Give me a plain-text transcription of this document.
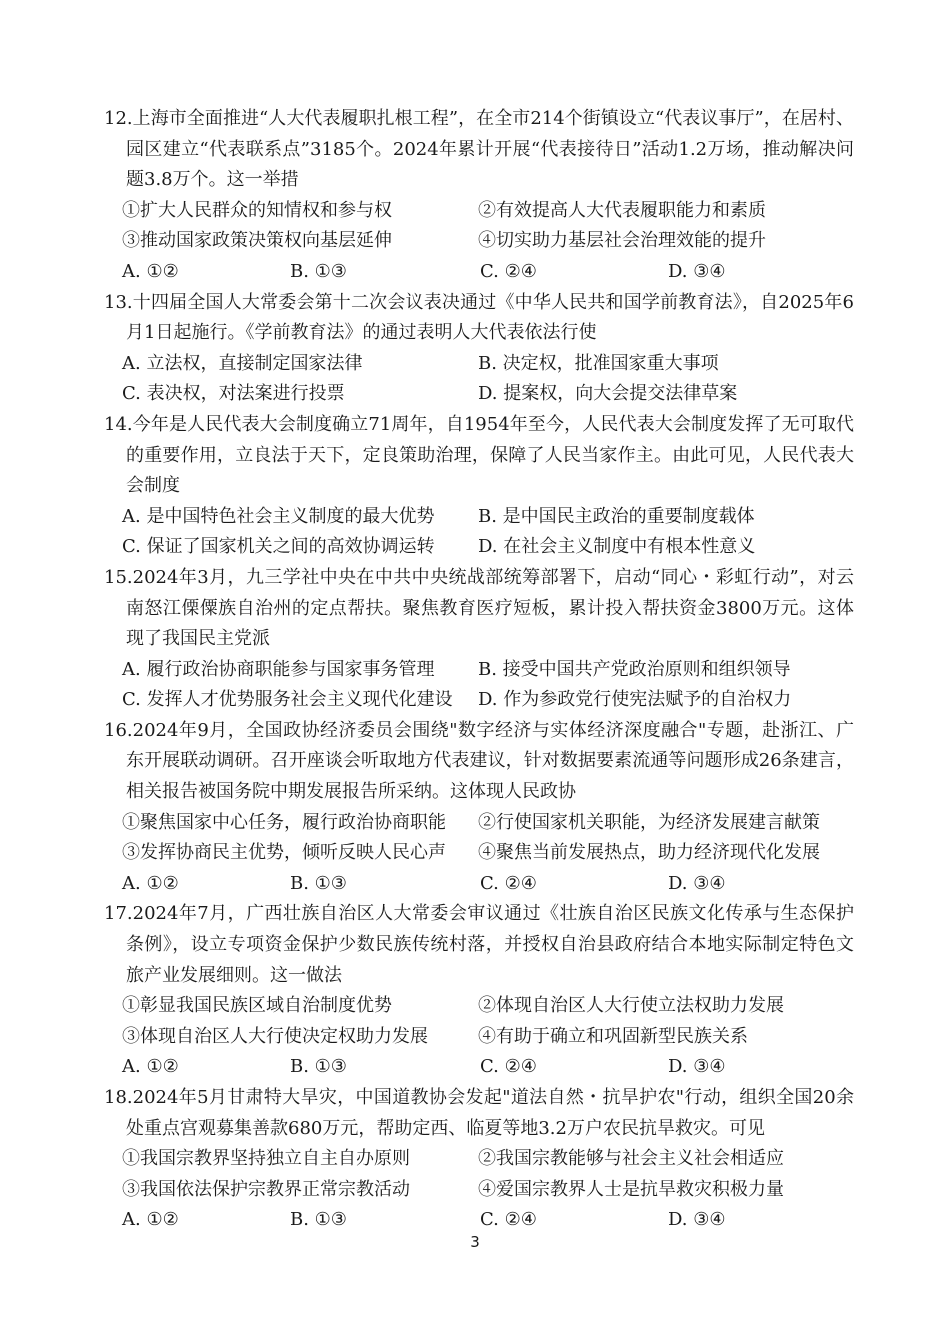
12.上海市全面推进“人大代表履职扎根工程”，在全市214个街镇设立“代表议事厅”，在居村、园区建立“代表联系点”3185个。2024年累计开展“代表接待日”活动1.2万场，推动解决问题3.8万个。这一举措

①扩大人民群众的知情权和参与权	②有效提高人大代表履职能力和素质
③推动国家政策决策权向基层延伸	④切实助力基层社会治理效能的提升
A. ①②	B. ①③	C. ②④	D. ③④

13.十四届全国人大常委会第十二次会议表决通过《中华人民共和国学前教育法》，自2025年6月1日起施行。《学前教育法》的通过表明人大代表依法行使

A. 立法权，直接制定国家法律	B. 决定权，批准国家重大事项
C. 表决权，对法案进行投票	D. 提案权，向大会提交法律草案

14.今年是人民代表大会制度确立71周年，自1954年至今，人民代表大会制度发挥了无可取代的重要作用，立良法于天下，定良策助治理，保障了人民当家作主。由此可见，人民代表大会制度

A. 是中国特色社会主义制度的最大优势	B. 是中国民主政治的重要制度载体
C. 保证了国家机关之间的高效协调运转	D. 在社会主义制度中有根本性意义

15.2024年3月，九三学社中央在中共中央统战部统筹部署下，启动“同心・彩虹行动”，对云南怒江傈僳族自治州的定点帮扶。聚焦教育医疗短板，累计投入帮扶资金3800万元。这体现了我国民主党派

A. 履行政治协商职能参与国家事务管理	B. 接受中国共产党政治原则和组织领导
C. 发挥人才优势服务社会主义现代化建设	D. 作为参政党行使宪法赋予的自治权力

16.2024年9月，全国政协经济委员会围绕"数字经济与实体经济深度融合"专题，赴浙江、广东开展联动调研。召开座谈会听取地方代表建议，针对数据要素流通等问题形成26条建言，相关报告被国务院中期发展报告所采纳。这体现人民政协

①聚焦国家中心任务，履行政治协商职能	②行使国家机关职能，为经济发展建言献策
③发挥协商民主优势，倾听反映人民心声	④聚焦当前发展热点，助力经济现代化发展
A. ①②	B. ①③	C. ②④	D. ③④

17.2024年7月，广西壮族自治区人大常委会审议通过《壮族自治区民族文化传承与生态保护条例》，设立专项资金保护少数民族传统村落，并授权自治县政府结合本地实际制定特色文旅产业发展细则。这一做法

①彰显我国民族区域自治制度优势	②体现自治区人大行使立法权助力发展
③体现自治区人大行使决定权助力发展	④有助于确立和巩固新型民族关系
A. ①②	B. ①③	C. ②④	D. ③④

18.2024年5月甘肃特大旱灾，中国道教协会发起"道法自然・抗旱护农"行动，组织全国20余处重点宫观募集善款680万元，帮助定西、临夏等地3.2万户农民抗旱救灾。可见

①我国宗教界坚持独立自主自办原则	②我国宗教能够与社会主义社会相适应
③我国依法保护宗教界正常宗教活动	④爱国宗教界人士是抗旱救灾积极力量
A. ①②	B. ①③	C. ②④	D. ③④
3
